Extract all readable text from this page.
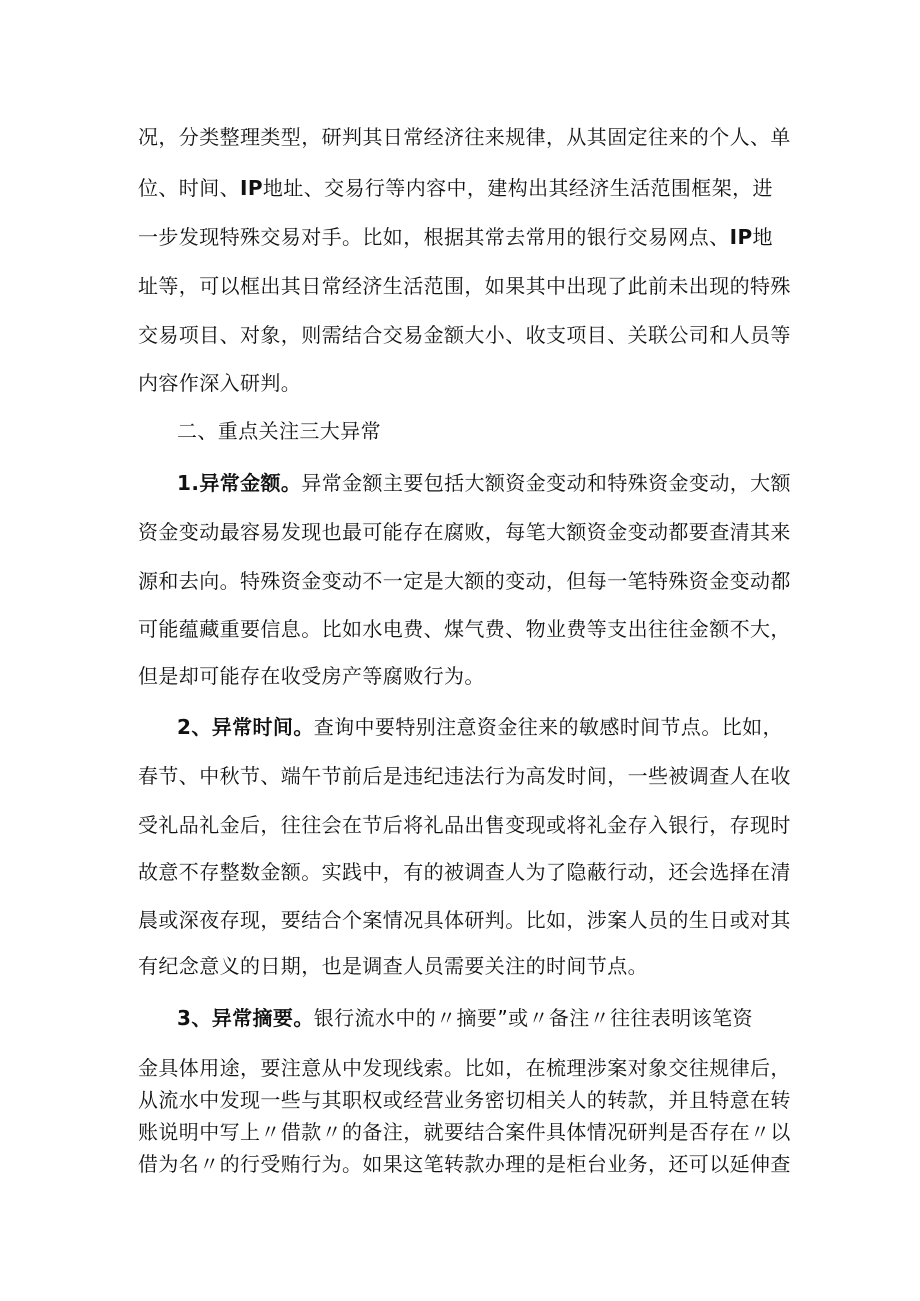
况，分类整理类型，研判其日常经济往来规律，从其固定往来的个人、单
位、时间、IP地址、交易行等内容中，建构出其经济生活范围框架，进
一步发现特殊交易对手。比如，根据其常去常用的银行交易网点、IP地
址等，可以框出其日常经济生活范围，如果其中出现了此前未出现的特殊
交易项目、对象，则需结合交易金额大小、收支项目、关联公司和人员等
内容作深入研判。
二、重点关注三大异常
1.异常金额。异常金额主要包括大额资金变动和特殊资金变动，大额
资金变动最容易发现也最可能存在腐败，每笔大额资金变动都要查清其来
源和去向。特殊资金变动不一定是大额的变动，但每一笔特殊资金变动都
可能蕴藏重要信息。比如水电费、煤气费、物业费等支出往往金额不大，
但是却可能存在收受房产等腐败行为。
2、异常时间。查询中要特别注意资金往来的敏感时间节点。比如，
春节、中秋节、端午节前后是违纪违法行为高发时间，一些被调查人在收
受礼品礼金后，往往会在节后将礼品出售变现或将礼金存入银行，存现时
故意不存整数金额。实践中，有的被调查人为了隐蔽行动，还会选择在清
晨或深夜存现，要结合个案情况具体研判。比如，涉案人员的生日或对其
有纪念意义的日期，也是调查人员需要关注的时间节点。
3、异常摘要。银行流水中的〃摘要”或〃备注〃往往表明该笔资
金具体用途，要注意从中发现线索。比如，在梳理涉案对象交往规律后，
从流水中发现一些与其职权或经营业务密切相关人的转款，并且特意在转
账说明中写上〃借款〃的备注，就要结合案件具体情况研判是否存在〃以
借为名〃的行受贿行为。如果这笔转款办理的是柜台业务，还可以延伸查
